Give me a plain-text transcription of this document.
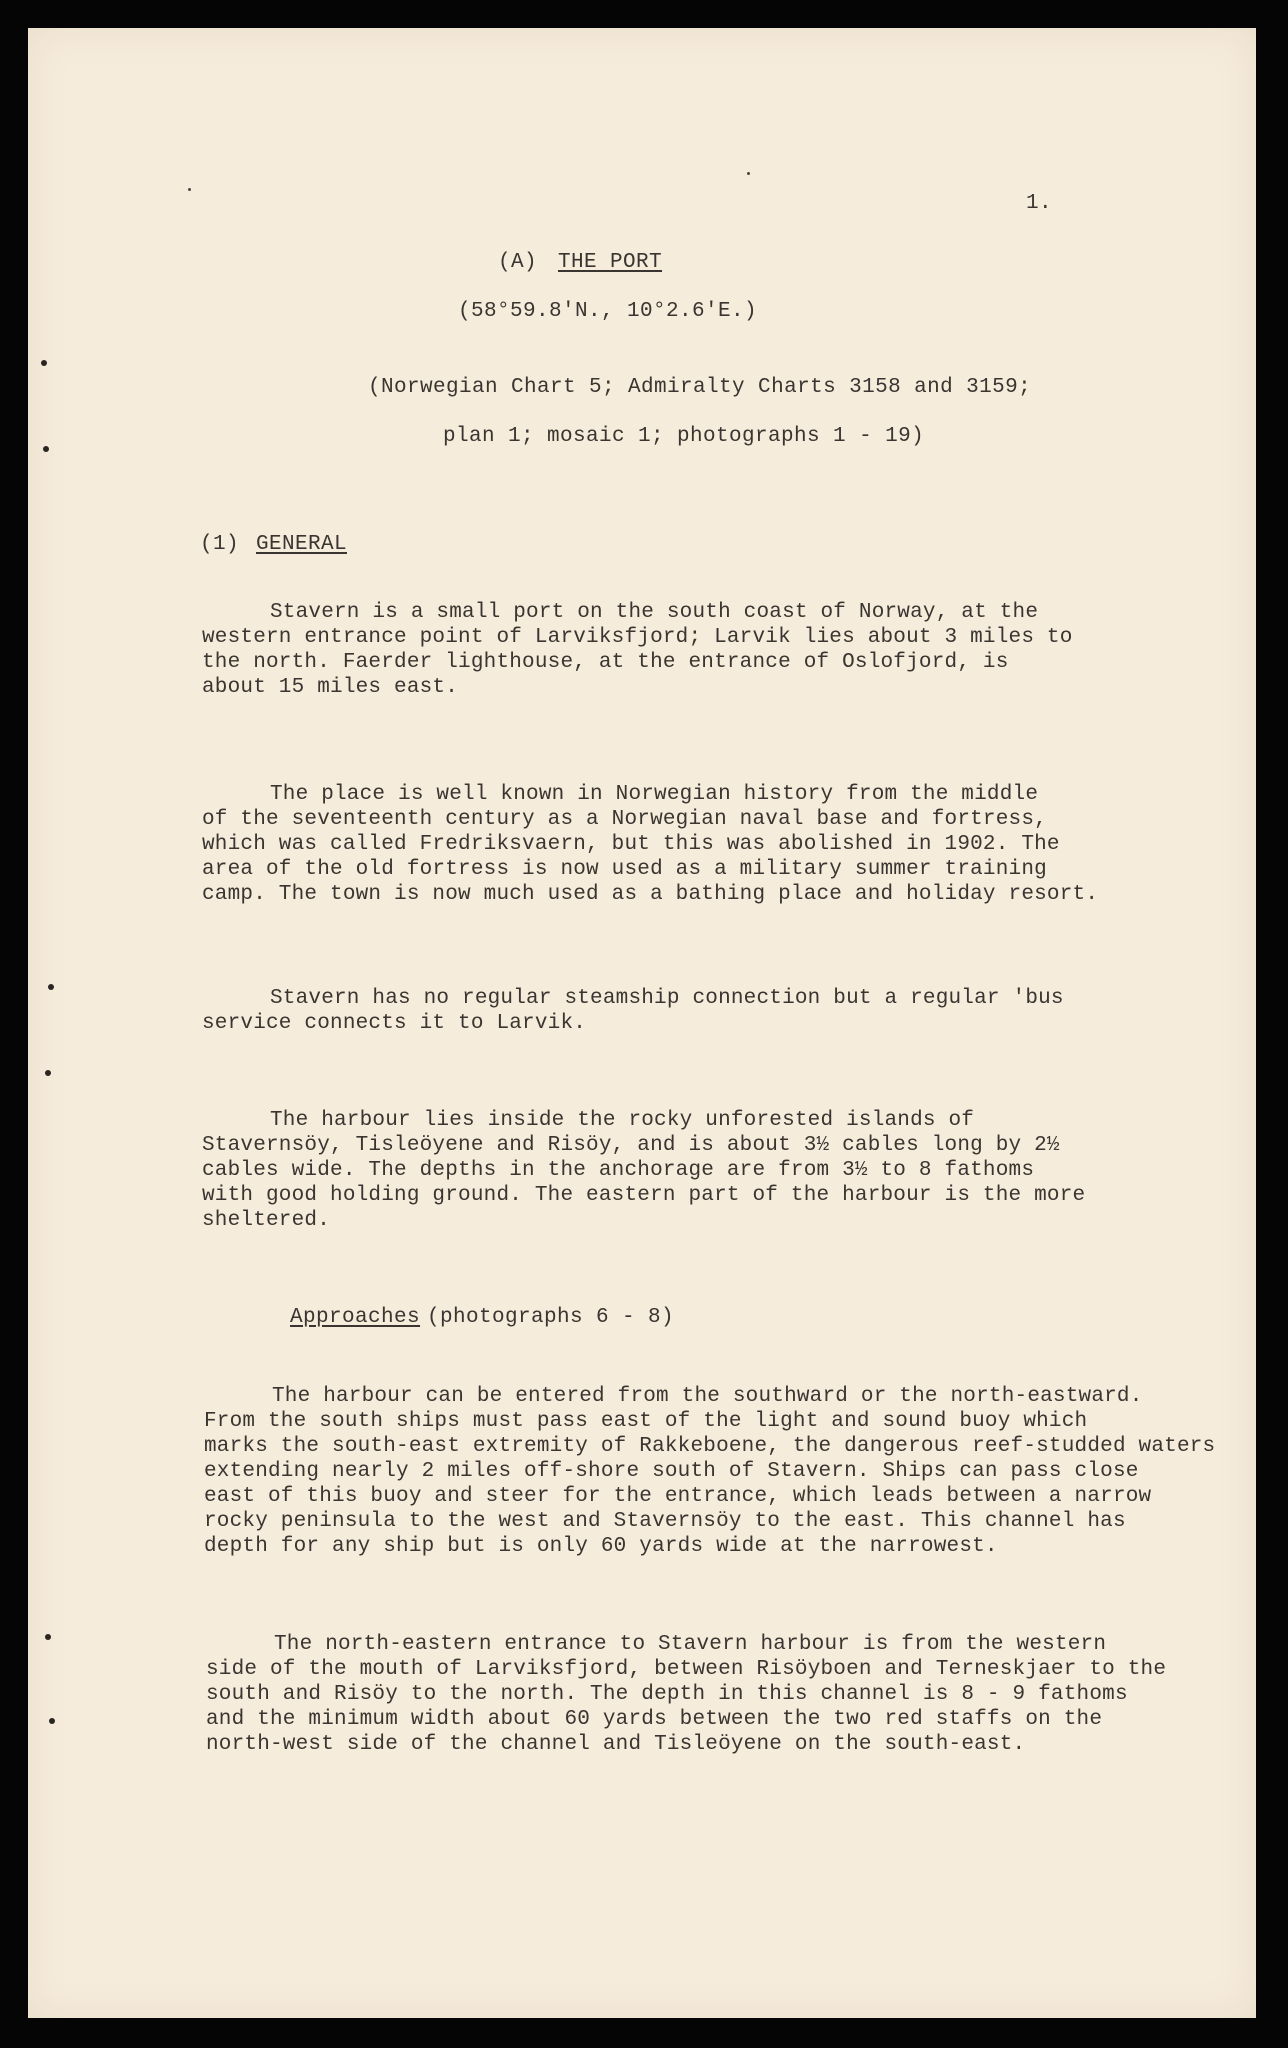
1.
(A) THE PORT
(58°59.8'N., 10°2.6'E.)
(Norwegian Chart 5; Admiralty Charts 3158 and 3159;
plan 1; mosaic 1; photographs 1 - 19)
(1) GENERAL
Stavern is a small port on the south coast of Norway, at the
western entrance point of Larviksfjord; Larvik lies about 3 miles to
the north. Faerder lighthouse, at the entrance of Oslofjord, is
about 15 miles east.
The place is well known in Norwegian history from the middle
of the seventeenth century as a Norwegian naval base and fortress,
which was called Fredriksvaern, but this was abolished in 1902. The
area of the old fortress is now used as a military summer training
camp. The town is now much used as a bathing place and holiday resort.
Stavern has no regular steamship connection but a regular 'bus
service connects it to Larvik.
The harbour lies inside the rocky unforested islands of
Stavernsöy, Tisleöyene and Risöy, and is about 3½ cables long by 2½
cables wide. The depths in the anchorage are from 3½ to 8 fathoms
with good holding ground. The eastern part of the harbour is the more
sheltered.
Approaches (photographs 6 - 8)
The harbour can be entered from the southward or the north-eastward.
From the south ships must pass east of the light and sound buoy which
marks the south-east extremity of Rakkeboene, the dangerous reef-studded waters
extending nearly 2 miles off-shore south of Stavern. Ships can pass close
east of this buoy and steer for the entrance, which leads between a narrow
rocky peninsula to the west and Stavernsöy to the east. This channel has
depth for any ship but is only 60 yards wide at the narrowest.
The north-eastern entrance to Stavern harbour is from the western
side of the mouth of Larviksfjord, between Risöyboen and Terneskjaer to the
south and Risöy to the north. The depth in this channel is 8 - 9 fathoms
and the minimum width about 60 yards between the two red staffs on the
north-west side of the channel and Tisleöyene on the south-east.
